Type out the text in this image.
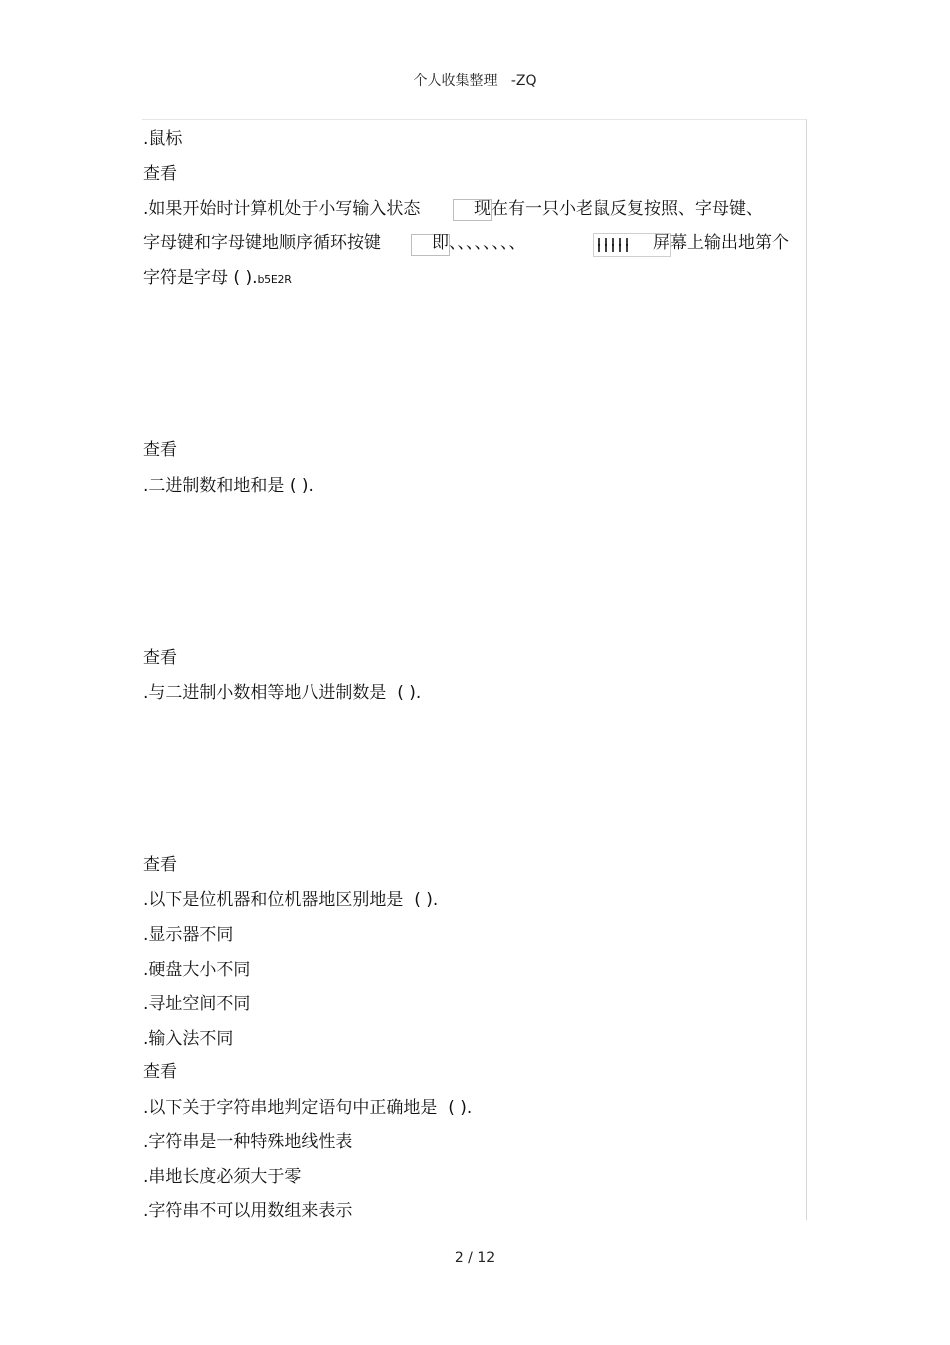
个人收集整理 -ZQ
.鼠标
查看
.如果开始时计算机处于小写输入状态	现在有一只小老鼠反复按照、字母键、
字母键和字母键地顺序循环按键	即、、、、、、、、	屏幕上输出地第个
字符是字母 ( ).b5E2R
查看
.二进制数和地和是 ( ).
查看
.与二进制小数相等地八进制数是 ( ).
查看
.以下是位机器和位机器地区别地是 ( ).
.显示器不同
.硬盘大小不同
.寻址空间不同
.输入法不同
查看
.以下关于字符串地判定语句中正确地是 ( ).
.字符串是一种特殊地线性表
.串地长度必须大于零
.字符串不可以用数组来表示
2 / 12
